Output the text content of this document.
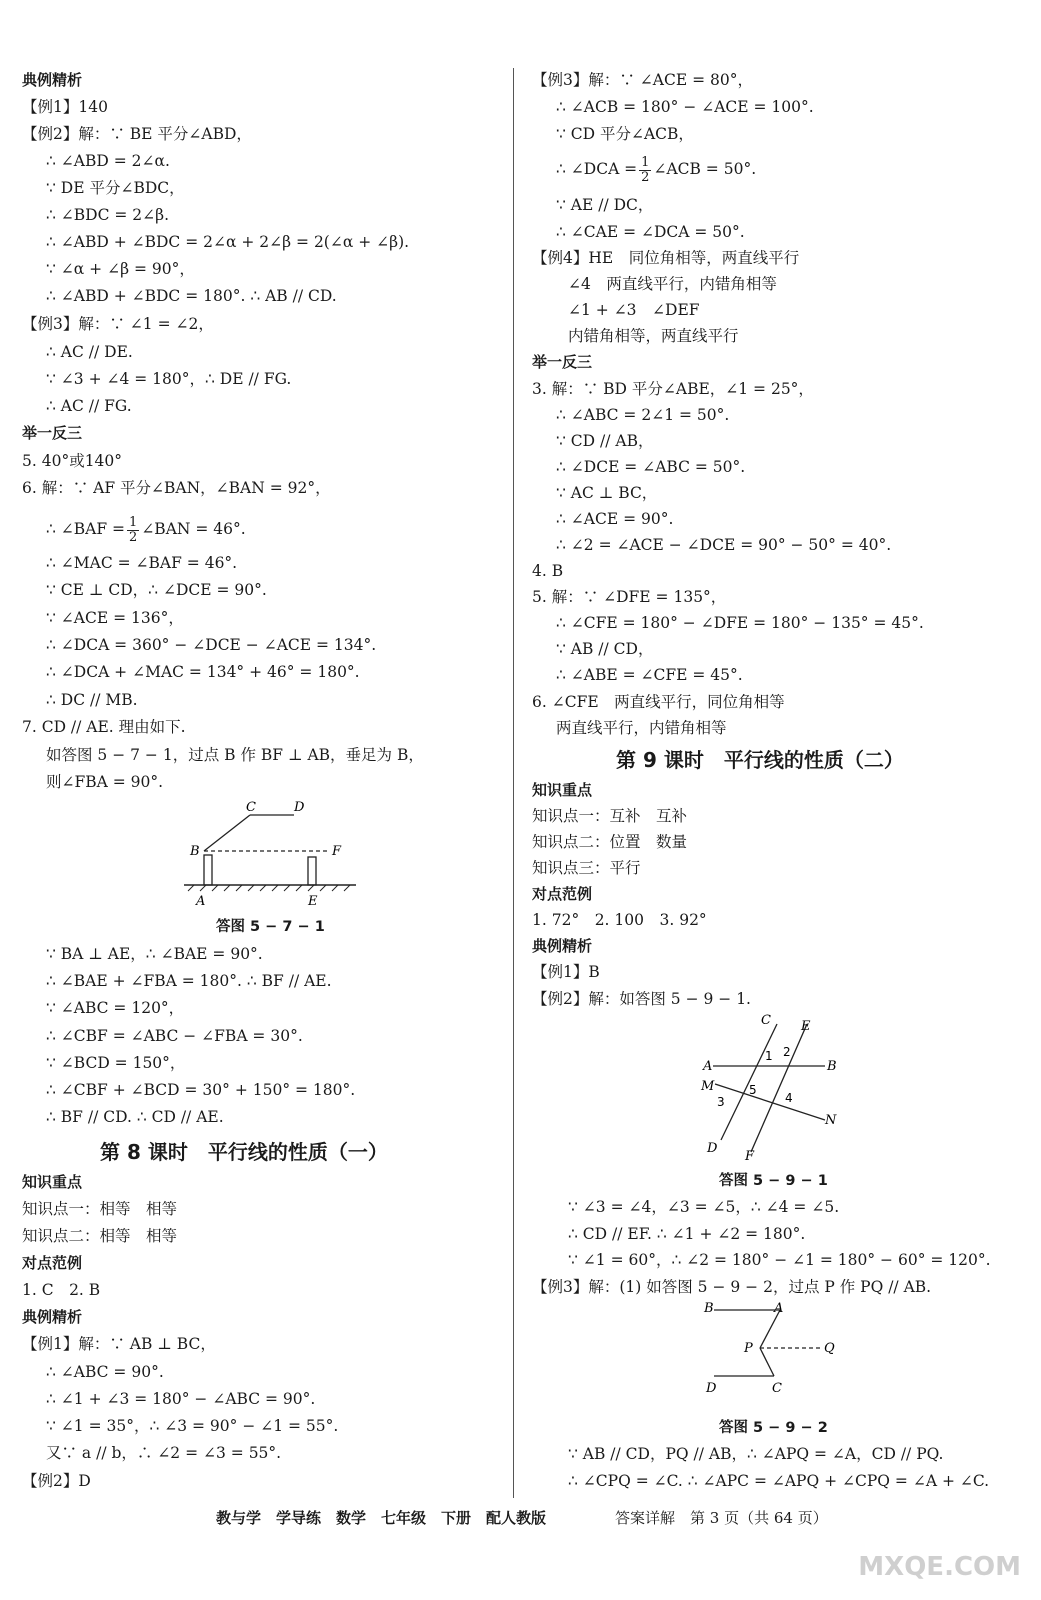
典例精析
【例1】140
【例2】解：∵ BE 平分∠ABD，
∴ ∠ABD = 2∠α.
∵ DE 平分∠BDC，
∴ ∠BDC = 2∠β.
∴ ∠ABD + ∠BDC = 2∠α + 2∠β = 2(∠α + ∠β).
∵ ∠α + ∠β = 90°，
∴ ∠ABD + ∠BDC = 180°. ∴ AB // CD.
【例3】解：∵ ∠1 = ∠2，
∴ AC // DE.
∵ ∠3 + ∠4 = 180°，∴ DE // FG.
∴ AC // FG.
举一反三
5. 40°或140°
6. 解：∵ AF 平分∠BAN，∠BAN = 92°，
∴ ∠BAF = $\frac{1}{2}$ ∠BAN = 46°.
∴ ∠MAC = ∠BAF = 46°.
∵ CE ⊥ CD，∴ ∠DCE = 90°.
∵ ∠ACE = 136°，
∴ ∠DCA = 360° − ∠DCE − ∠ACE = 134°.
∴ ∠DCA + ∠MAC = 134° + 46° = 180°.
∴ DC // MB.
7. CD // AE. 理由如下.
如答图 5 − 7 − 1，过点 B 作 BF ⊥ AB，垂足为 B，
则∠FBA = 90°.
A
B
C	D
E
F
答图 5 − 7 − 1
∵ BA ⊥ AE，∴ ∠BAE = 90°.
∴ ∠BAE + ∠FBA = 180°. ∴ BF // AE.
∵ ∠ABC = 120°，
∴ ∠CBF = ∠ABC − ∠FBA = 30°.
∵ ∠BCD = 150°，
∴ ∠CBF + ∠BCD = 30° + 150° = 180°.
∴ BF // CD. ∴ CD // AE.
第 8 课时　平行线的性质（一）
知识重点
知识点一：相等　相等
知识点二：相等　相等
对点范例
1. C　2. B
典例精析
【例1】解：∵ AB ⊥ BC，
∴ ∠ABC = 90°.
∴ ∠1 + ∠3 = 180° − ∠ABC = 90°.
∵ ∠1 = 35°，∴ ∠3 = 90° − ∠1 = 55°.
又∵ a // b，∴ ∠2 = ∠3 = 55°.
【例2】D
【例3】解：∵ ∠ACE = 80°，
∴ ∠ACB = 180° − ∠ACE = 100°.
∵ CD 平分∠ACB，
∴ ∠DCA = $\frac{1}{2}$ ∠ACB = 50°.
∵ AE // DC，
∴ ∠CAE = ∠DCA = 50°.
【例4】HE　同位角相等，两直线平行
∠4　两直线平行，内错角相等
∠1 + ∠3　∠DEF
内错角相等，两直线平行
举一反三
3. 解：∵ BD 平分∠ABE，∠1 = 25°，
∴ ∠ABC = 2∠1 = 50°.
∵ CD // AB，
∴ ∠DCE = ∠ABC = 50°.
∵ AC ⊥ BC，
∴ ∠ACE = 90°.
∴ ∠2 = ∠ACE − ∠DCE = 90° − 50° = 40°.
4. B
5. 解：∵ ∠DFE = 135°，
∴ ∠CFE = 180° − ∠DFE = 180° − 135° = 45°.
∵ AB // CD，
∴ ∠ABE = ∠CFE = 45°.
6. ∠CFE　两直线平行，同位角相等
两直线平行，内错角相等
第 9 课时　平行线的性质（二）
知识重点
知识点一：互补　互补
知识点二：位置　数量
知识点三：平行
对点范例
1. 72°　2. 100　3. 92°
典例精析
【例1】B
【例2】解：如答图 5 − 9 − 1.
C E
A	B
M
N
D
F
1 2
3	4
5
答图 5 − 9 − 1
∵ ∠3 = ∠4，∠3 = ∠5，∴ ∠4 = ∠5.
∴ CD // EF. ∴ ∠1 + ∠2 = 180°.
∵ ∠1 = 60°，∴ ∠2 = 180° − ∠1 = 180° − 60° = 120°.
【例3】解：(1) 如答图 5 − 9 − 2，过点 P 作 PQ // AB.
B	A
P	Q
D	C
答图 5 − 9 − 2
∵ AB // CD，PQ // AB，∴ ∠APQ = ∠A，CD // PQ.
∴ ∠CPQ = ∠C. ∴ ∠APC = ∠APQ + ∠CPQ = ∠A + ∠C.
教与学　学导练　数学　七年级　下册　配人教版	答案详解　第 3 页（共 64 页）
MXQE.COM
